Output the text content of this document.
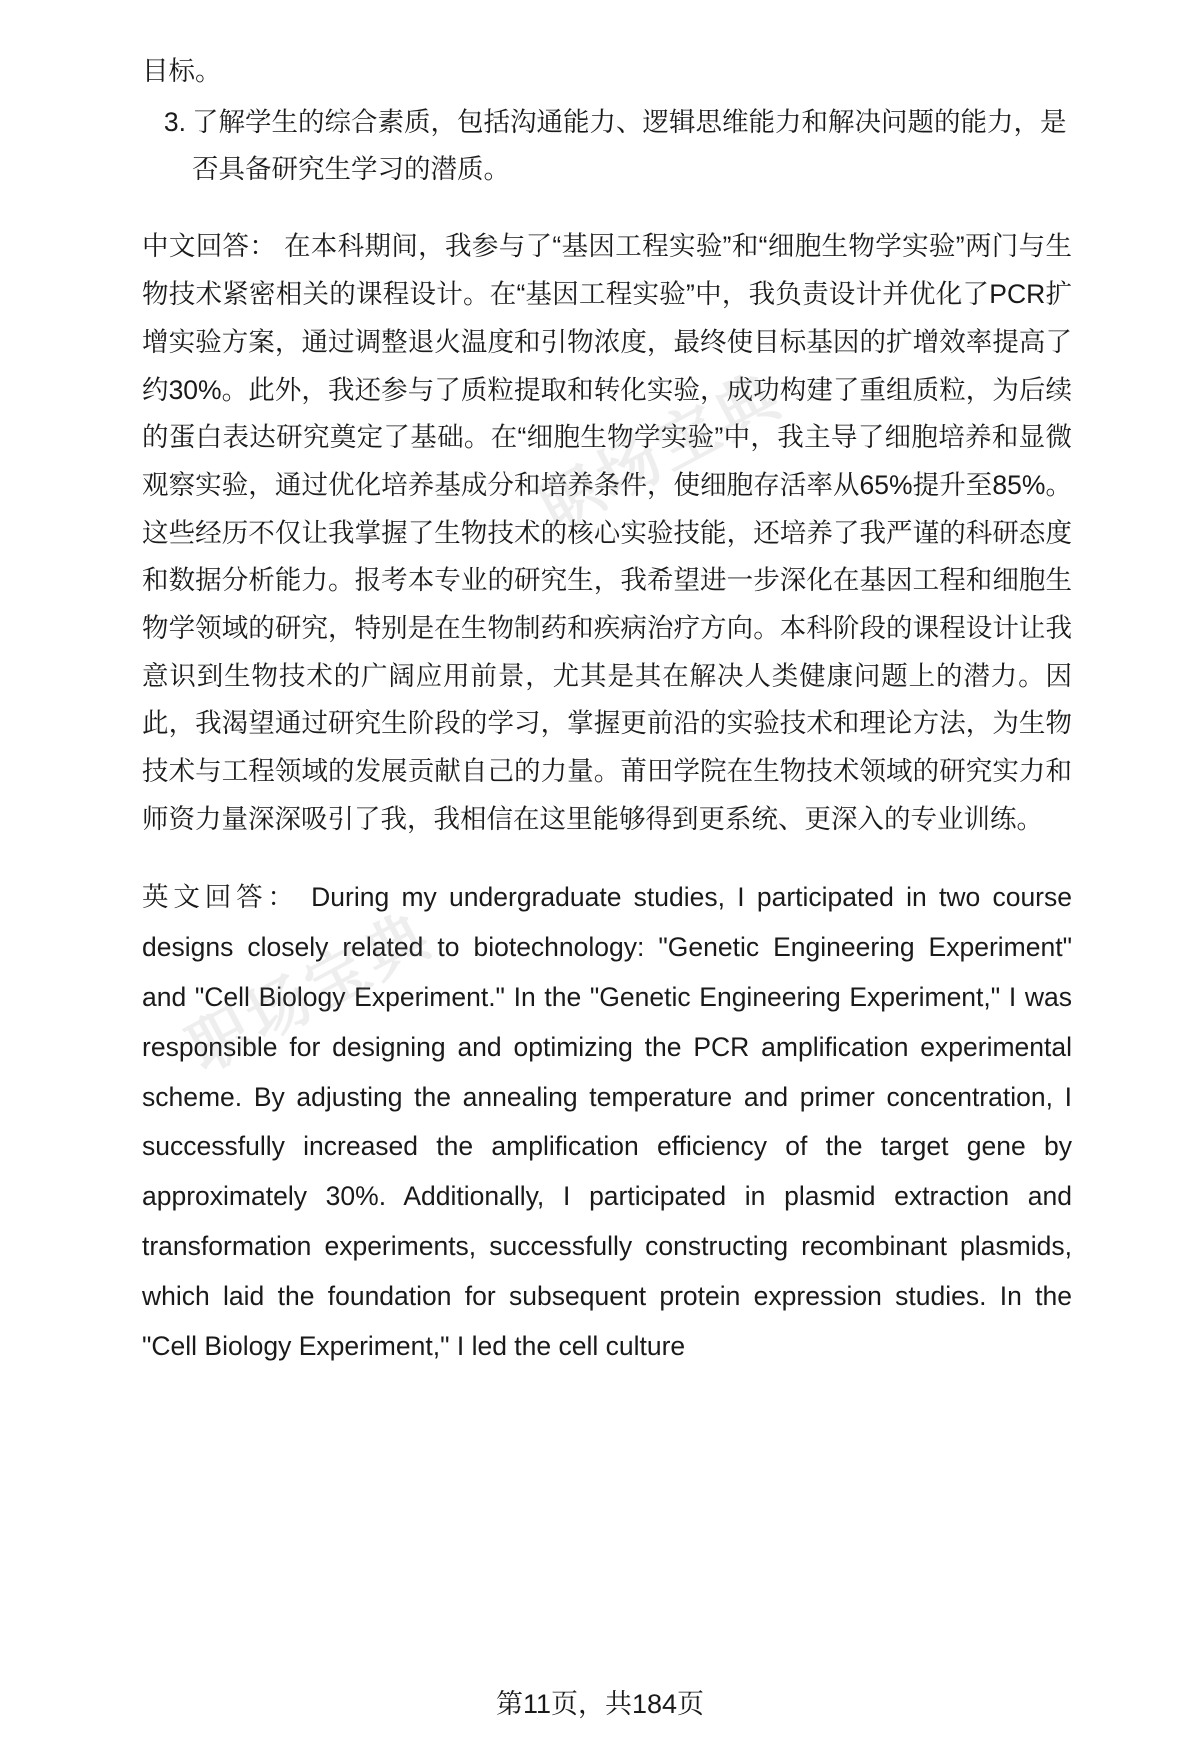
职场宝典
职场宝典
目标。
3. 了解学生的综合素质，包括沟通能力、逻辑思维能力和解决问题的能力，是否具备研究生学习的潜质。

中文回答： 在本科期间，我参与了“基因工程实验”和“细胞生物学实验”两门与生物技术紧密相关的课程设计。在“基因工程实验”中，我负责设计并优化了PCR扩增实验方案，通过调整退火温度和引物浓度，最终使目标基因的扩增效率提高了约30%。此外，我还参与了质粒提取和转化实验，成功构建了重组质粒，为后续的蛋白表达研究奠定了基础。在“细胞生物学实验”中，我主导了细胞培养和显微观察实验，通过优化培养基成分和培养条件，使细胞存活率从65%提升至85%。这些经历不仅让我掌握了生物技术的核心实验技能，还培养了我严谨的科研态度和数据分析能力。报考本专业的研究生，我希望进一步深化在基因工程和细胞生物学领域的研究，特别是在生物制药和疾病治疗方向。本科阶段的课程设计让我意识到生物技术的广阔应用前景，尤其是其在解决人类健康问题上的潜力。因此，我渴望通过研究生阶段的学习，掌握更前沿的实验技术和理论方法，为生物技术与工程领域的发展贡献自己的力量。莆田学院在生物技术领域的研究实力和师资力量深深吸引了我，我相信在这里能够得到更系统、更深入的专业训练。

英文回答： During my undergraduate studies, I participated in two course designs closely related to biotechnology: "Genetic Engineering Experiment" and "Cell Biology Experiment." In the "Genetic Engineering Experiment," I was responsible for designing and optimizing the PCR amplification experimental scheme. By adjusting the annealing temperature and primer concentration, I successfully increased the amplification efficiency of the target gene by approximately 30%. Additionally, I participated in plasmid extraction and transformation experiments, successfully constructing recombinant plasmids, which laid the foundation for subsequent protein expression studies. In the "Cell Biology Experiment," I led the cell culture

第11页，共184页
